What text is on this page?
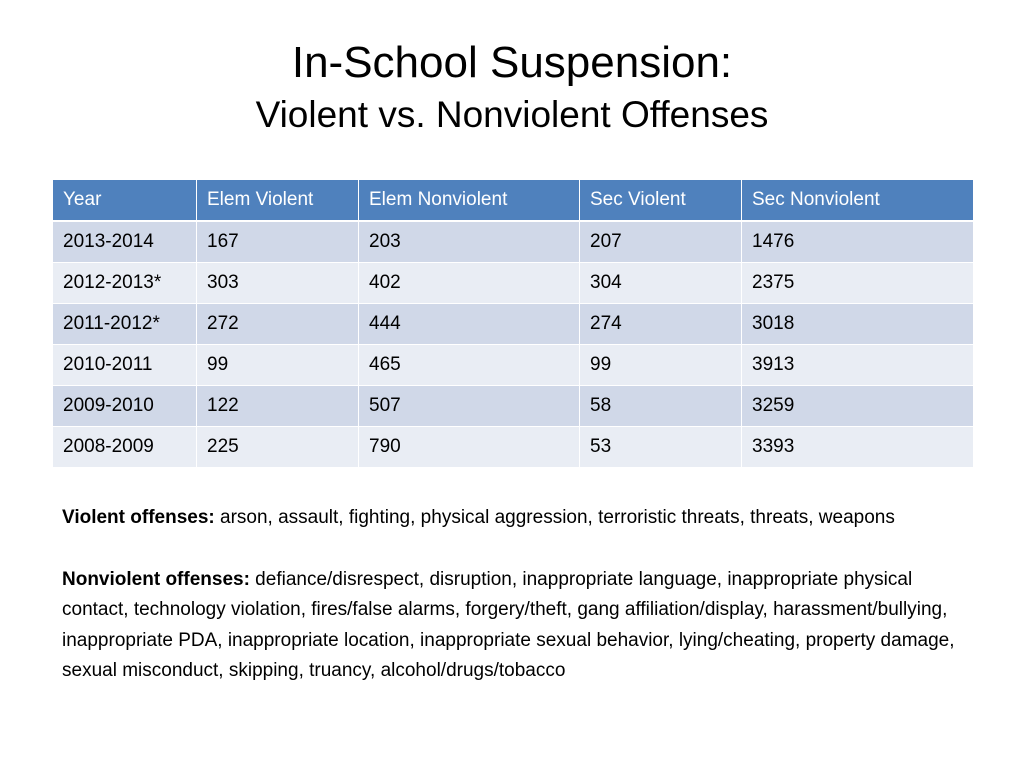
In-School Suspension:
Violent vs. Nonviolent Offenses
Year	Elem Violent	Elem Nonviolent	Sec Violent	Sec Nonviolent
2013-2014	167	203	207	1476
2012-2013*	303	402	304	2375
2011-2012*	272	444	274	3018
2010-2011	99	465	99	3913
2009-2010	122	507	58	3259
2008-2009	225	790	53	3393

Violent offenses: arson, assault, fighting, physical aggression, terroristic threats, threats, weapons

Nonviolent offenses: defiance/disrespect, disruption, inappropriate language, inappropriate physical contact, technology violation, fires/false alarms, forgery/theft, gang affiliation/display, harassment/bullying, inappropriate PDA, inappropriate location, inappropriate sexual behavior, lying/cheating, property damage, sexual misconduct, skipping, truancy, alcohol/drugs/tobacco
